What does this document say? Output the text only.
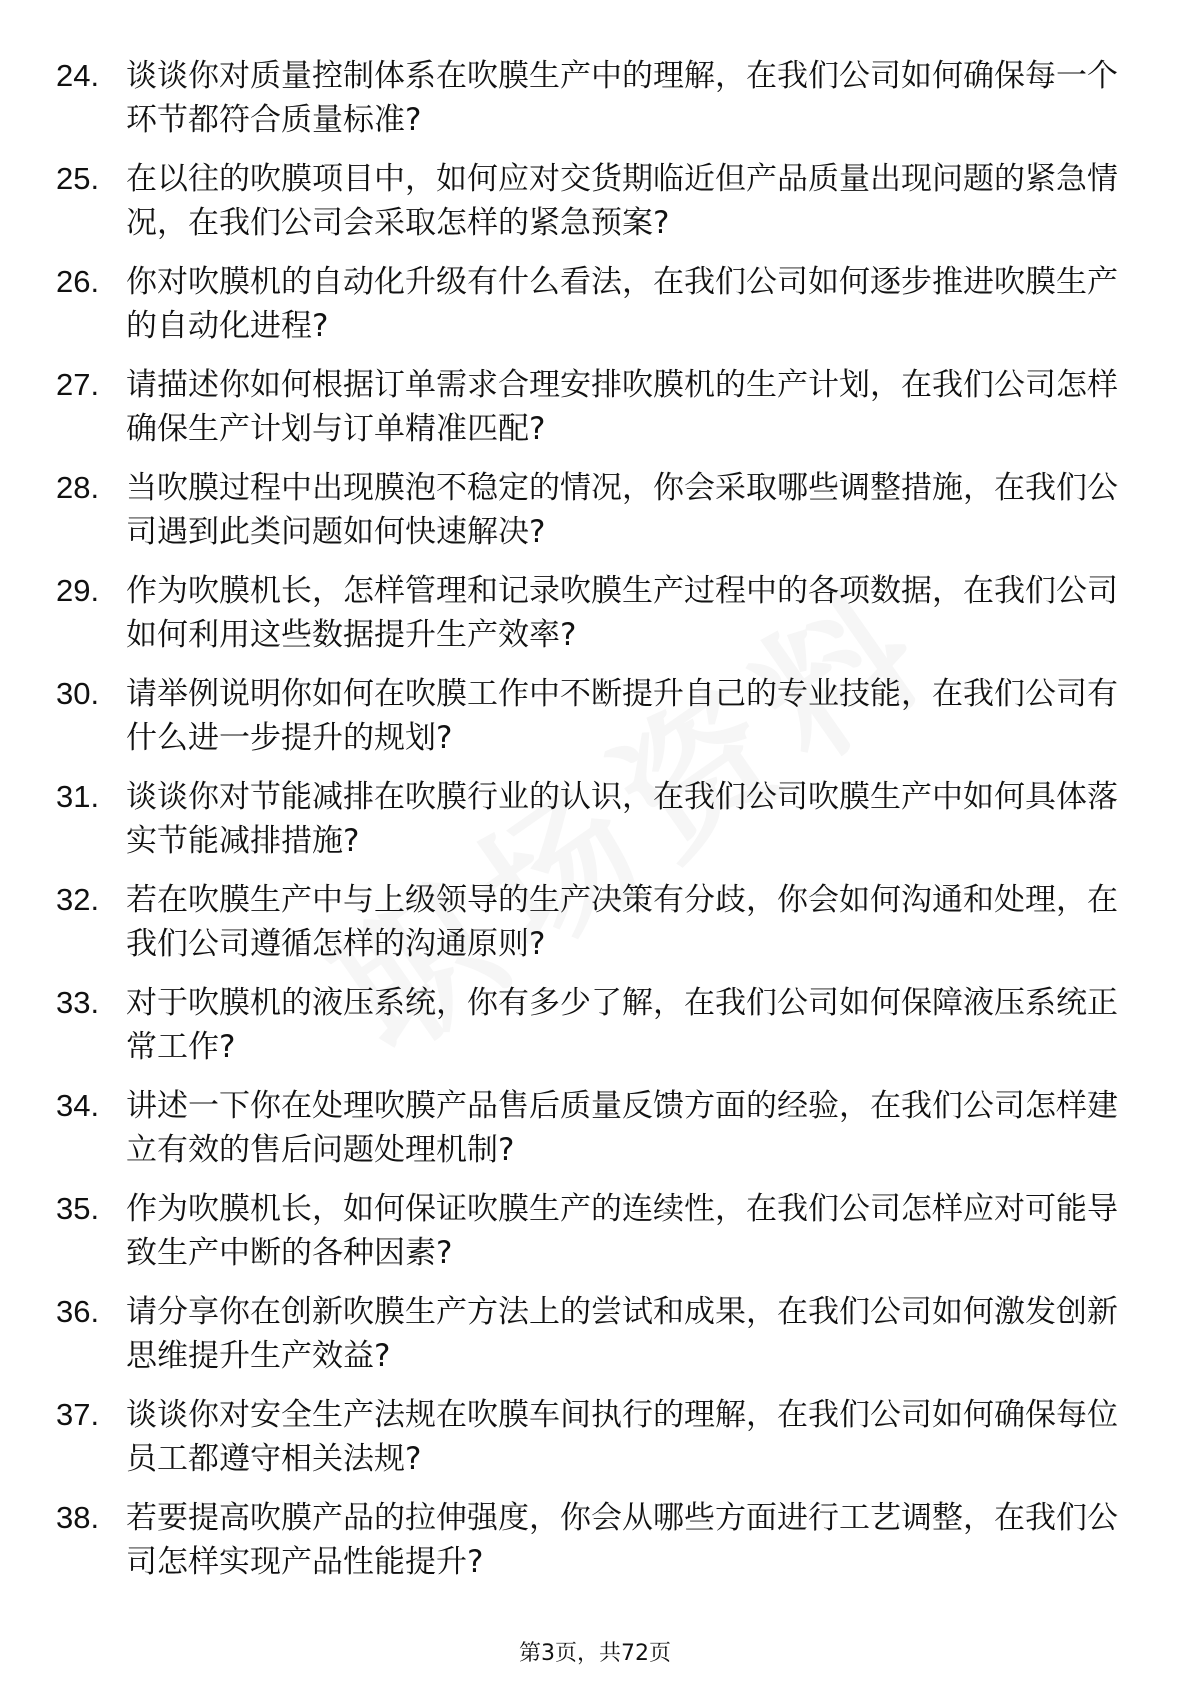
24. 谈谈你对质量控制体系在吹膜生产中的理解，在我们公司如何确保每一个环节都符合质量标准?
25. 在以往的吹膜项目中，如何应对交货期临近但产品质量出现问题的紧急情况，在我们公司会采取怎样的紧急预案?
26. 你对吹膜机的自动化升级有什么看法，在我们公司如何逐步推进吹膜生产的自动化进程?
27. 请描述你如何根据订单需求合理安排吹膜机的生产计划，在我们公司怎样确保生产计划与订单精准匹配?
28. 当吹膜过程中出现膜泡不稳定的情况，你会采取哪些调整措施，在我们公司遇到此类问题如何快速解决?
29. 作为吹膜机长，怎样管理和记录吹膜生产过程中的各项数据，在我们公司如何利用这些数据提升生产效率?
30. 请举例说明你如何在吹膜工作中不断提升自己的专业技能，在我们公司有什么进一步提升的规划?
31. 谈谈你对节能减排在吹膜行业的认识，在我们公司吹膜生产中如何具体落实节能减排措施?
32. 若在吹膜生产中与上级领导的生产决策有分歧，你会如何沟通和处理，在我们公司遵循怎样的沟通原则?
33. 对于吹膜机的液压系统，你有多少了解，在我们公司如何保障液压系统正常工作?
34. 讲述一下你在处理吹膜产品售后质量反馈方面的经验，在我们公司怎样建立有效的售后问题处理机制?
35. 作为吹膜机长，如何保证吹膜生产的连续性，在我们公司怎样应对可能导致生产中断的各种因素?
36. 请分享你在创新吹膜生产方法上的尝试和成果，在我们公司如何激发创新思维提升生产效益?
37. 谈谈你对安全生产法规在吹膜车间执行的理解，在我们公司如何确保每位员工都遵守相关法规?
38. 若要提高吹膜产品的拉伸强度，你会从哪些方面进行工艺调整，在我们公司怎样实现产品性能提升?
第3页，共72页
